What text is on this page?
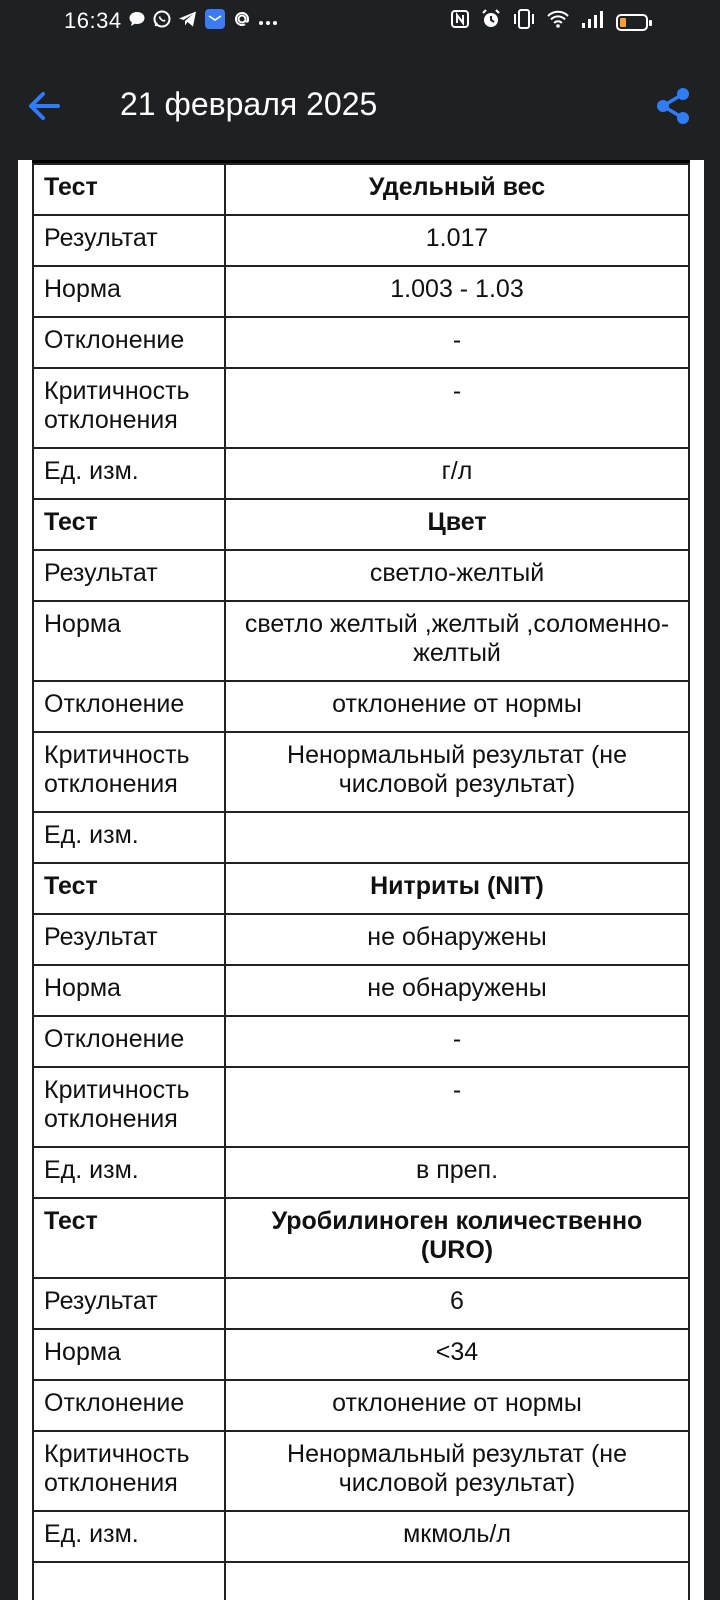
16:34
21 февраля 2025
Тест	Удельный вес
Результат	1.017
Норма	1.003 - 1.03
Отклонение	-
Критичность отклонения	-
Ед. изм.	г/л
Тест	Цвет
Результат	светло-желтый
Норма	светло желтый ,желтый ,соломенно-желтый
Отклонение	отклонение от нормы
Критичность отклонения	Ненормальный результат (не числовой результат)
Ед. изм.	
Тест	Нитриты (NIT)
Результат	не обнаружены
Норма	не обнаружены
Отклонение	-
Критичность отклонения	-
Ед. изм.	в преп.
Тест	Уробилиноген количественно (URO)
Результат	6
Норма	<34
Отклонение	отклонение от нормы
Критичность отклонения	Ненормальный результат (не числовой результат)
Ед. изм.	мкмоль/л
